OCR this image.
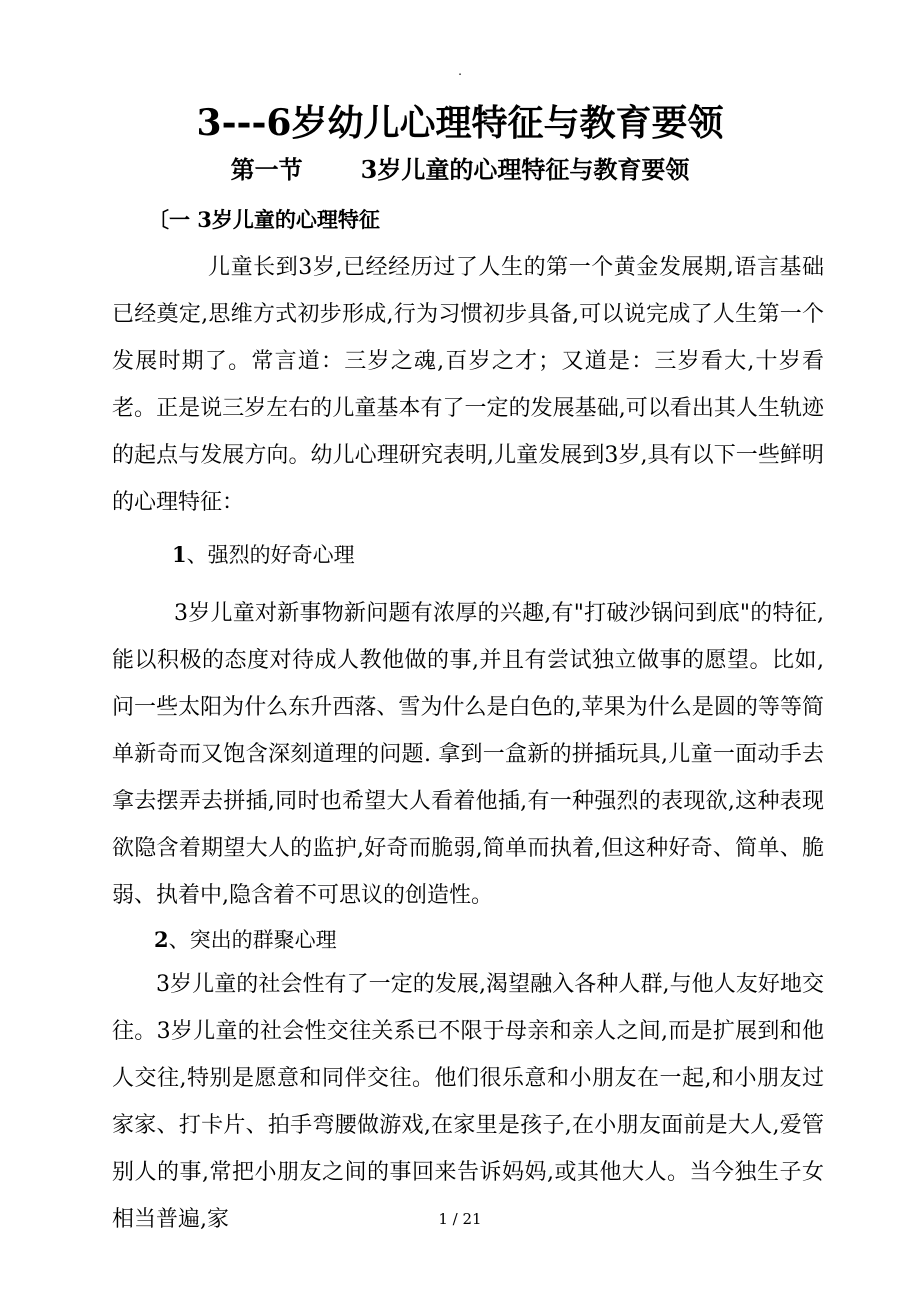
.
3---6岁幼儿心理特征与教育要领
第一节 3岁儿童的心理特征与教育要领
〔一 3岁儿童的心理特征

儿童长到3岁,已经经历过了人生的第一个黄金发展期,语言基础已经奠定,思维方式初步形成,行为习惯初步具备,可以说完成了人生第一个发展时期了。常言道：三岁之魂,百岁之才；又道是：三岁看大,十岁看老。正是说三岁左右的儿童基本有了一定的发展基础,可以看出其人生轨迹的起点与发展方向。幼儿心理研究表明,儿童发展到3岁,具有以下一些鲜明的心理特征：

1、强烈的好奇心理

3岁儿童对新事物新问题有浓厚的兴趣,有"打破沙锅问到底"的特征,能以积极的态度对待成人教他做的事,并且有尝试独立做事的愿望。比如,问一些太阳为什么东升西落、雪为什么是白色的,苹果为什么是圆的等等简单新奇而又饱含深刻道理的问题. 拿到一盒新的拼插玩具,儿童一面动手去拿去摆弄去拼插,同时也希望大人看着他插,有一种强烈的表现欲,这种表现欲隐含着期望大人的监护,好奇而脆弱,简单而执着,但这种好奇、简单、脆弱、执着中,隐含着不可思议的创造性。

2、突出的群聚心理

3岁儿童的社会性有了一定的发展,渴望融入各种人群,与他人友好地交往。3岁儿童的社会性交往关系已不限于母亲和亲人之间,而是扩展到和他人交往,特别是愿意和同伴交往。他们很乐意和小朋友在一起,和小朋友过家家、打卡片、拍手弯腰做游戏,在家里是孩子,在小朋友面前是大人,爱管别人的事,常把小朋友之间的事回来告诉妈妈,或其他大人。当今独生子女相当普遍,家	1 / 21
